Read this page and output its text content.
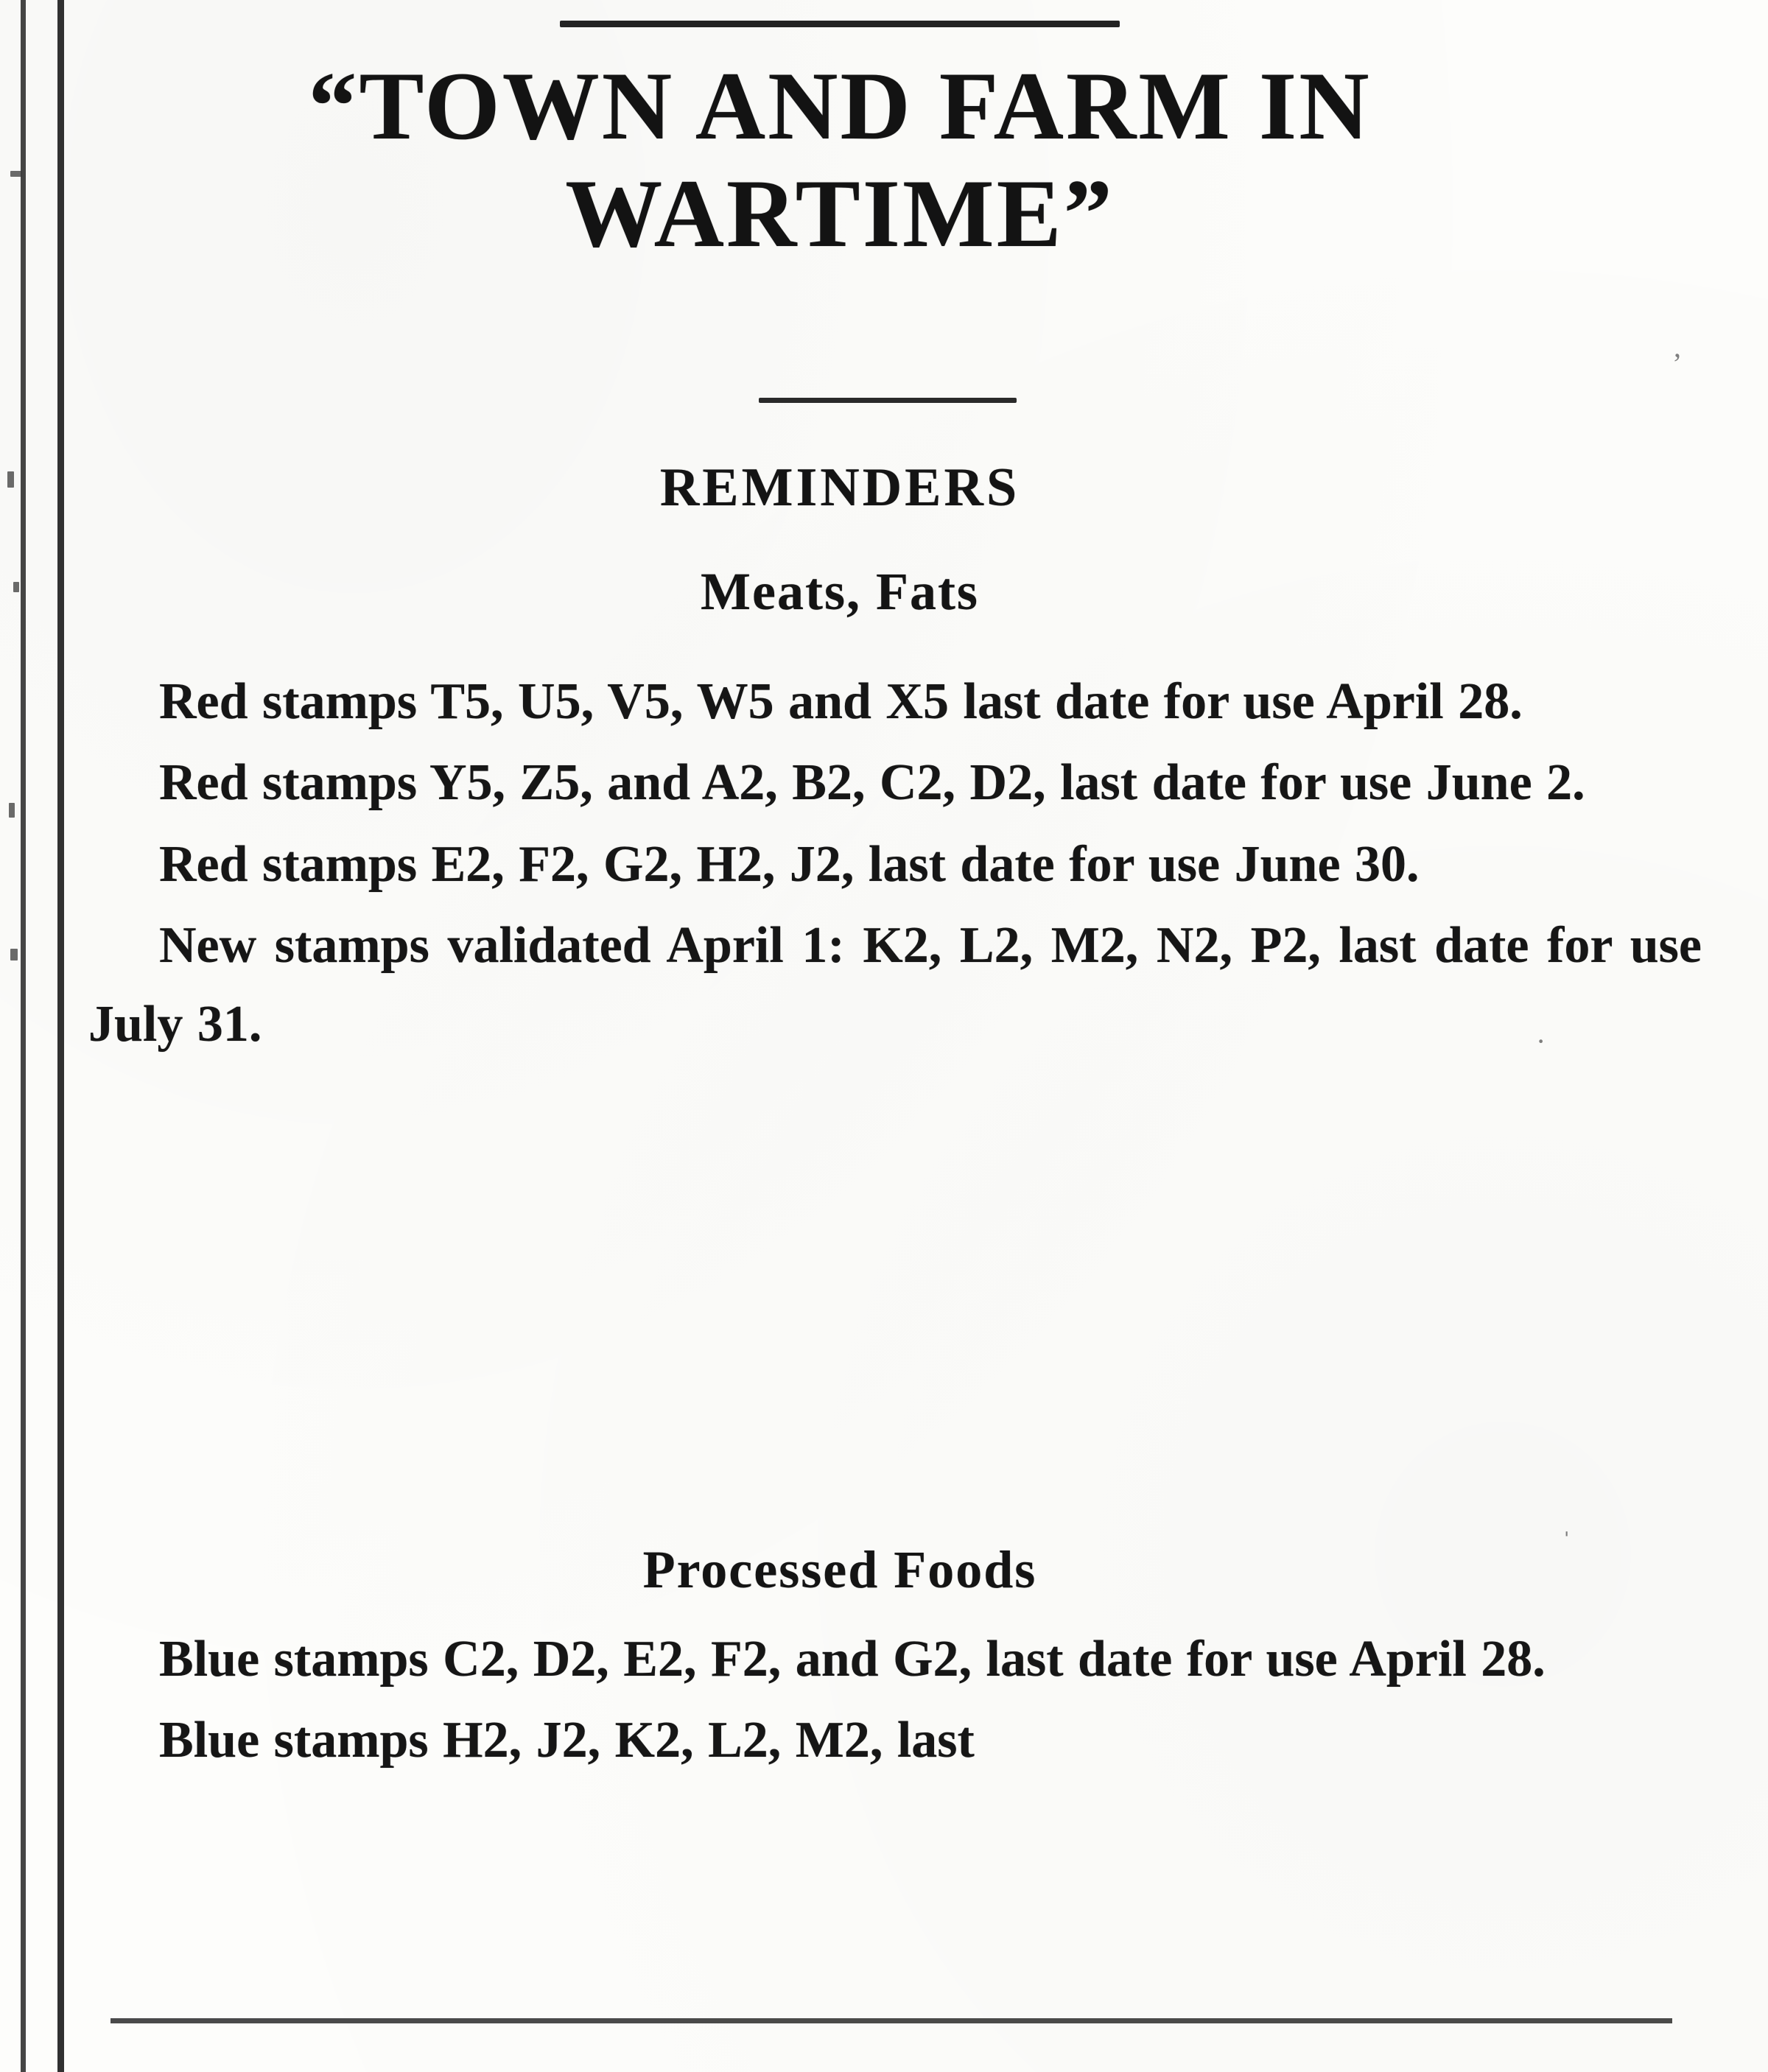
“TOWN AND FARM IN
WARTIME”
REMINDERS
Meats, Fats

Red stamps T5, U5, V5, W5 and X5 last date for use April 28.

Red stamps Y5, Z5, and A2, B2, C2, D2, last date for use June 2.

Red stamps E2, F2, G2, H2, J2, last date for use June 30.

New stamps validated April 1: K2, L2, M2, N2, P2, last date for use July 31.

Processed Foods

Blue stamps C2, D2, E2, F2, and G2, last date for use April 28.

Blue stamps H2, J2, K2, L2, M2, last

’
·
ˈ
